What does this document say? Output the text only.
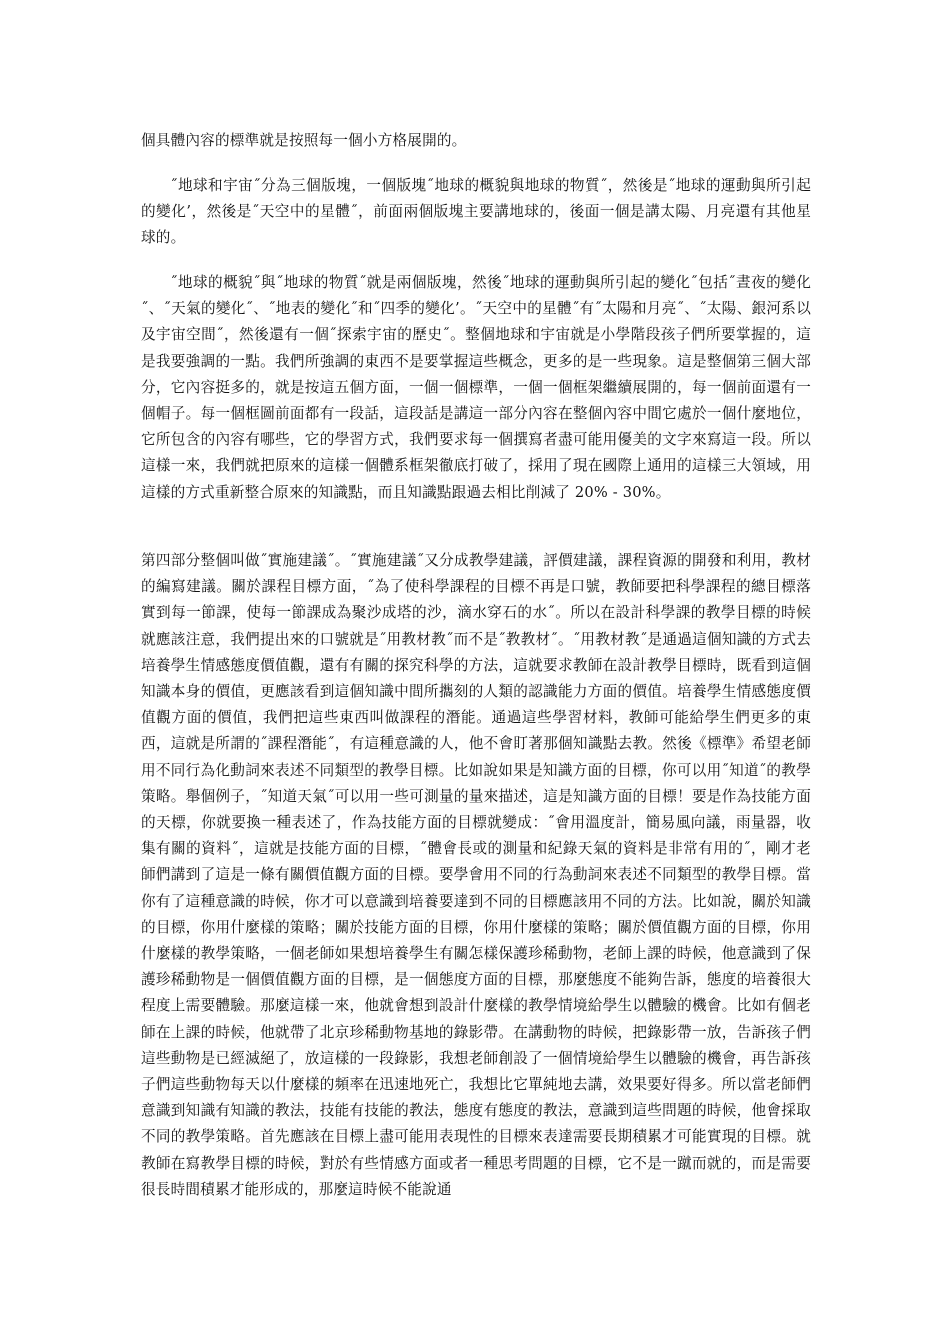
個具體內容的標準就是按照每一個小方格展開的。

˝地球和宇宙˝分為三個版塊，一個版塊˝地球的概貌與地球的物質˝，然後是˝地球的運動與所引起的變化’，然後是˝天空中的星體˝，前面兩個版塊主要講地球的，後面一個是講太陽、月亮還有其他星球的。

˝地球的概貌˝與˝地球的物質˝就是兩個版塊，然後˝地球的運動與所引起的變化˝包括˝晝夜的變化˝、˝天氣的變化˝、˝地表的變化˝和˝四季的變化’。˝天空中的星體˝有˝太陽和月亮˝、˝太陽、銀河系以及宇宙空間˝，然後還有一個˝探索宇宙的歷史˝。整個地球和宇宙就是小學階段孩子們所要掌握的，這是我要強調的一點。我們所強調的東西不是要掌握這些概念，更多的是一些現象。這是整個第三個大部分，它內容挺多的，就是按這五個方面，一個一個標準，一個一個框架繼續展開的，每一個前面還有一個帽子。每一個框圖前面都有一段話，這段話是講這一部分內容在整個內容中間它處於一個什麼地位，它所包含的內容有哪些，它的學習方式，我們要求每一個撰寫者盡可能用優美的文字來寫這一段。所以這樣一來，我們就把原來的這樣一個體系框架徹底打破了，採用了現在國際上通用的這樣三大領域，用這樣的方式重新整合原來的知識點，而且知識點跟過去相比削減了 20% - 30%。

第四部分整個叫做˝實施建議˝。˝實施建議˝又分成教學建議，評價建議，課程資源的開發和利用，教材的編寫建議。關於課程目標方面，˝為了使科學課程的目標不再是口號，教師要把科學課程的總目標落實到每一節課，使每一節課成為聚沙成塔的沙，滴水穿石的水˝。所以在設計科學課的教學目標的時候就應該注意，我們提出來的口號就是˝用教材教˝而不是˝教教材˝。˝用教材教˝是通過這個知識的方式去培養學生情感態度價值觀，還有有關的探究科學的方法，這就要求教師在設計教學目標時，既看到這個知識本身的價值，更應該看到這個知識中間所攜刻的人類的認識能力方面的價值。培養學生情感態度價值觀方面的價值，我們把這些東西叫做課程的潛能。通過這些學習材料，教師可能給學生們更多的東西，這就是所謂的˝課程潛能˝，有這種意識的人，他不會盯著那個知識點去教。然後《標準》希望老師用不同行為化動詞來表述不同類型的教學目標。比如說如果是知識方面的目標，你可以用˝知道˝的教學策略。舉個例子，˝知道天氣˝可以用一些可測量的量來描述，這是知識方面的目標！要是作為技能方面的天標，你就要換一種表述了，作為技能方面的目標就變成：˝會用溫度計，簡易風向議，雨量器，收集有關的資料˝，這就是技能方面的目標，˝體會長或的測量和紀錄天氣的資料是非常有用的˝，剛才老師們講到了這是一條有關價值觀方面的目標。要學會用不同的行為動詞來表述不同類型的教學目標。當你有了這種意識的時候，你才可以意識到培養要達到不同的目標應該用不同的方法。比如說，關於知識的目標，你用什麼樣的策略；關於技能方面的目標，你用什麼樣的策略；關於價值觀方面的目標，你用什麼樣的教學策略，一個老師如果想培養學生有關怎樣保護珍稀動物，老師上課的時候，他意識到了保護珍稀動物是一個價值觀方面的目標，是一個態度方面的目標，那麼態度不能夠告訴，態度的培養很大程度上需要體驗。那麼這樣一來，他就會想到設計什麼樣的教學情境給學生以體驗的機會。比如有個老師在上課的時候，他就帶了北京珍稀動物基地的錄影帶。在講動物的時候，把錄影帶一放，告訴孩子們這些動物是已經滅絕了，放這樣的一段錄影，我想老師創設了一個情境給學生以體驗的機會，再告訴孩子們這些動物每天以什麼樣的頻率在迅速地死亡，我想比它單純地去講，效果要好得多。所以當老師們意識到知識有知識的教法，技能有技能的教法，態度有態度的教法，意識到這些問題的時候，他會採取不同的教學策略。首先應該在目標上盡可能用表現性的目標來表達需要長期積累才可能實現的目標。就教師在寫教學目標的時候，對於有些情感方面或者一種思考問題的目標，它不是一蹴而就的，而是需要很長時間積累才能形成的，那麼這時候不能說通
